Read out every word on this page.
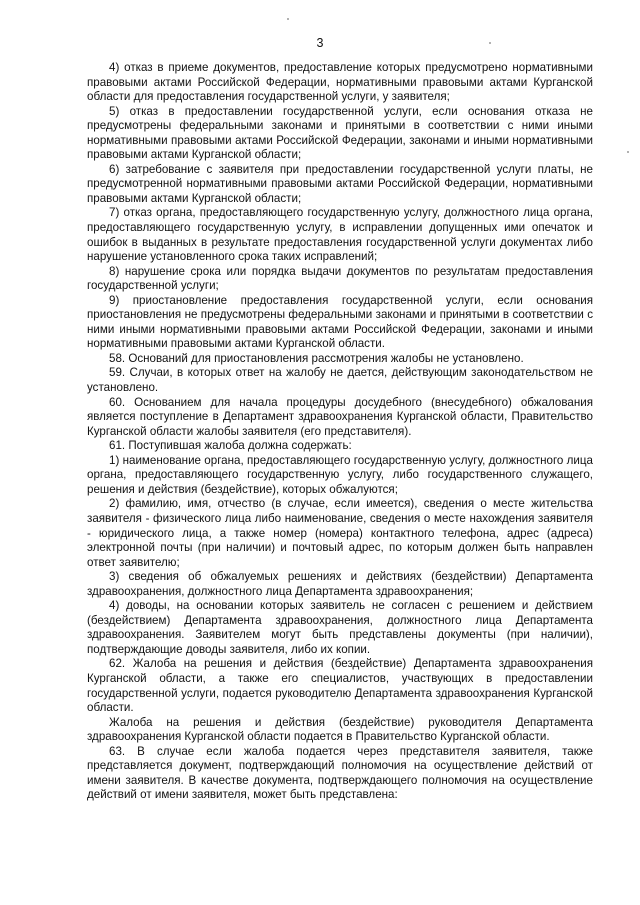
3

4) отказ в приеме документов, предоставление которых предусмотрено нормативными правовыми актами Российской Федерации, нормативными правовыми актами Курганской области для предоставления государственной услуги, у заявителя;

5) отказ в предоставлении государственной услуги, если основания отказа не предусмотрены федеральными законами и принятыми в соответствии с ними иными нормативными правовыми актами Российской Федерации, законами и иными нормативными правовыми актами Курганской области;

6) затребование с заявителя при предоставлении государственной услуги платы, не предусмотренной нормативными правовыми актами Российской Федерации, нормативными правовыми актами Курганской области;

7) отказ органа, предоставляющего государственную услугу, должностного лица органа, предоставляющего государственную услугу, в исправлении допущенных ими опечаток и ошибок в выданных в результате предоставления государственной услуги документах либо нарушение установленного срока таких исправлений;

8) нарушение срока или порядка выдачи документов по результатам предоставления государственной услуги;

9) приостановление предоставления государственной услуги, если основания приостановления не предусмотрены федеральными законами и принятыми в соответствии с ними иными нормативными правовыми актами Российской Федерации, законами и иными нормативными правовыми актами Курганской области.

58. Оснований для приостановления рассмотрения жалобы не установлено.

59. Случаи, в которых ответ на жалобу не дается, действующим законодательством не установлено.

60. Основанием для начала процедуры досудебного (внесудебного) обжалования является поступление в Департамент здравоохранения Курганской области, Правительство Курганской области жалобы заявителя (его представителя).

61. Поступившая жалоба должна содержать:

1) наименование органа, предоставляющего государственную услугу, должностного лица органа, предоставляющего государственную услугу, либо государственного служащего, решения и действия (бездействие), которых обжалуются;

2) фамилию, имя, отчество (в случае, если имеется), сведения о месте жительства заявителя - физического лица либо наименование, сведения о месте нахождения заявителя - юридического лица, а также номер (номера) контактного телефона, адрес (адреса) электронной почты (при наличии) и почтовый адрес, по которым должен быть направлен ответ заявителю;

3) сведения об обжалуемых решениях и действиях (бездействии) Департамента здравоохранения, должностного лица Департамента здравоохранения;

4) доводы, на основании которых заявитель не согласен с решением и действием (бездействием) Департамента здравоохранения, должностного лица Департамента здравоохранения. Заявителем могут быть представлены документы (при наличии), подтверждающие доводы заявителя, либо их копии.

62. Жалоба на решения и действия (бездействие) Департамента здравоохранения Курганской области, а также его специалистов, участвующих в предоставлении государственной услуги, подается руководителю Департамента здравоохранения Курганской области.

Жалоба на решения и действия (бездействие) руководителя Департамента здравоохранения Курганской области подается в Правительство Курганской области.

63. В случае если жалоба подается через представителя заявителя, также представляется документ, подтверждающий полномочия на осуществление действий от имени заявителя. В качестве документа, подтверждающего полномочия на осуществление действий от имени заявителя, может быть представлена:
